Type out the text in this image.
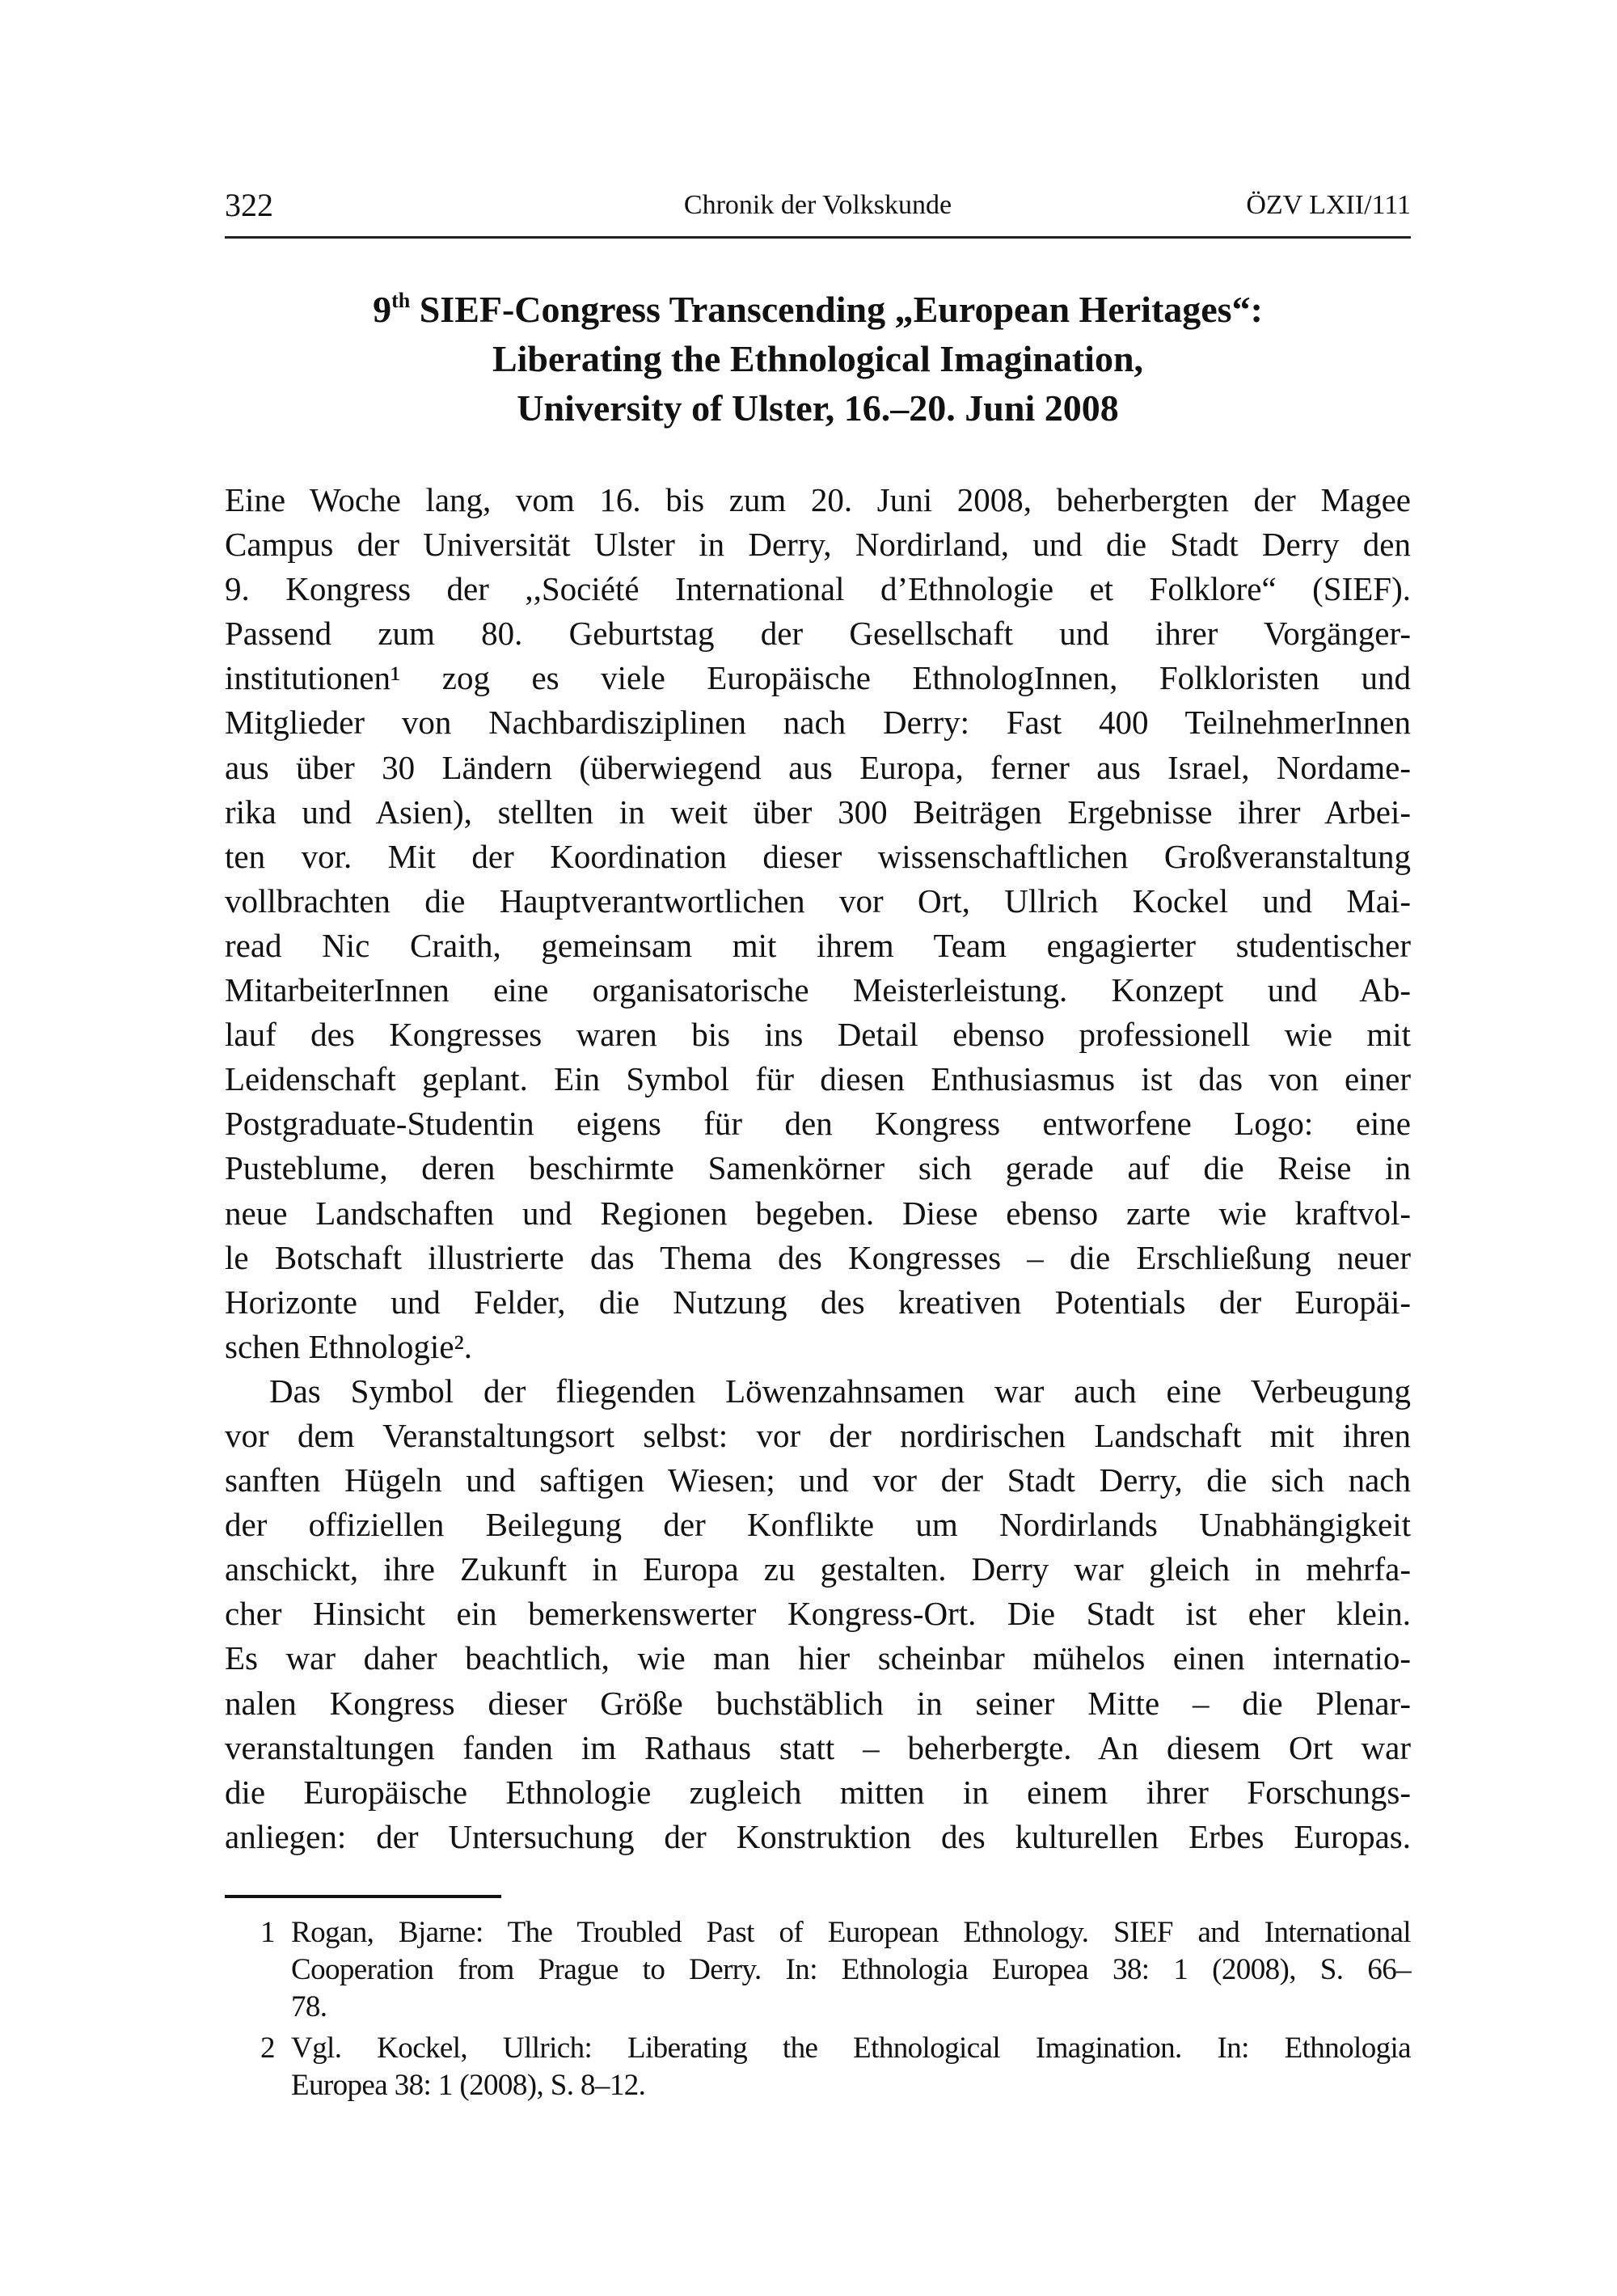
322	Chronik der Volkskunde	ÖZV LXII/111
9th SIEF-Congress Transcending „European Heritages“:
Liberating the Ethnological Imagination,
University of Ulster, 16.–20. Juni 2008
Eine Woche lang, vom 16. bis zum 20. Juni 2008, beherbergten der Magee
Campus der Universität Ulster in Derry, Nordirland, und die Stadt Derry den
9. Kongress der ,,Société International d’Ethnologie et Folklore“ (SIEF).
Passend zum 80. Geburtstag der Gesellschaft und ihrer Vorgänger-
institutionen¹ zog es viele Europäische EthnologInnen, Folkloristen und
Mitglieder von Nachbardisziplinen nach Derry: Fast 400 TeilnehmerInnen
aus über 30 Ländern (überwiegend aus Europa, ferner aus Israel, Nordame-
rika und Asien), stellten in weit über 300 Beiträgen Ergebnisse ihrer Arbei-
ten vor. Mit der Koordination dieser wissenschaftlichen Großveranstaltung
vollbrachten die Hauptverantwortlichen vor Ort, Ullrich Kockel und Mai-
read Nic Craith, gemeinsam mit ihrem Team engagierter studentischer
MitarbeiterInnen eine organisatorische Meisterleistung. Konzept und Ab-
lauf des Kongresses waren bis ins Detail ebenso professionell wie mit
Leidenschaft geplant. Ein Symbol für diesen Enthusiasmus ist das von einer
Postgraduate-Studentin eigens für den Kongress entworfene Logo: eine
Pusteblume, deren beschirmte Samenkörner sich gerade auf die Reise in
neue Landschaften und Regionen begeben. Diese ebenso zarte wie kraftvol-
le Botschaft illustrierte das Thema des Kongresses – die Erschließung neuer
Horizonte und Felder, die Nutzung des kreativen Potentials der Europäi-
schen Ethnologie².
Das Symbol der fliegenden Löwenzahnsamen war auch eine Verbeugung
vor dem Veranstaltungsort selbst: vor der nordirischen Landschaft mit ihren
sanften Hügeln und saftigen Wiesen; und vor der Stadt Derry, die sich nach
der offiziellen Beilegung der Konflikte um Nordirlands Unabhängigkeit
anschickt, ihre Zukunft in Europa zu gestalten. Derry war gleich in mehrfa-
cher Hinsicht ein bemerkenswerter Kongress-Ort. Die Stadt ist eher klein.
Es war daher beachtlich, wie man hier scheinbar mühelos einen internatio-
nalen Kongress dieser Größe buchstäblich in seiner Mitte – die Plenar-
veranstaltungen fanden im Rathaus statt – beherbergte. An diesem Ort war
die Europäische Ethnologie zugleich mitten in einem ihrer Forschungs-
anliegen: der Untersuchung der Konstruktion des kulturellen Erbes Europas.
1 Rogan, Bjarne: The Troubled Past of European Ethnology. SIEF and International
Cooperation from Prague to Derry. In: Ethnologia Europea 38: 1 (2008), S. 66–
78.
2 Vgl. Kockel, Ullrich: Liberating the Ethnological Imagination. In: Ethnologia
Europea 38: 1 (2008), S. 8–12.
